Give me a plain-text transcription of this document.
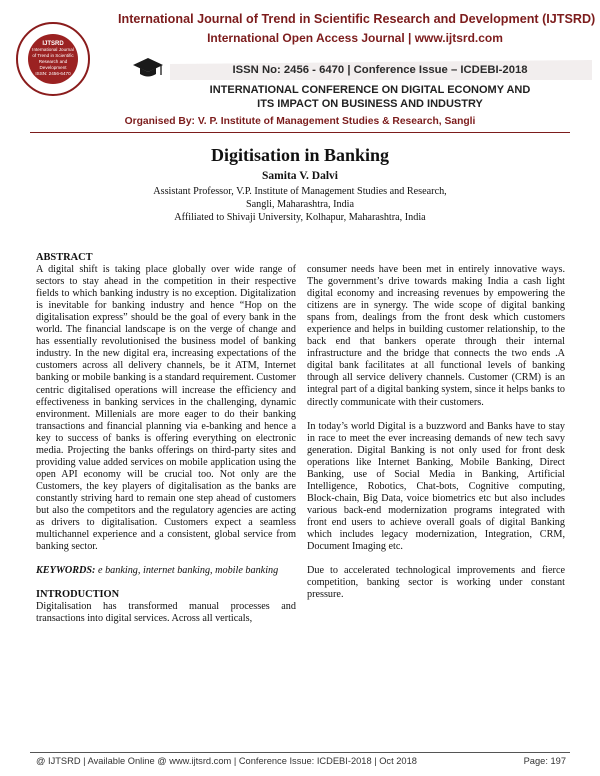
IJTSRD
International Journal
of Trend in Scientific
Research and
Development
ISSN: 2456-6470
International Journal of Trend in Scientific Research and Development (IJTSRD)
International Open Access Journal | www.ijtsrd.com
ISSN No: 2456 - 6470 | Conference Issue – ICDEBI-2018
INTERNATIONAL CONFERENCE ON DIGITAL ECONOMY AND
ITS IMPACT ON BUSINESS AND INDUSTRY
Organised By: V. P. Institute of Management Studies & Research, Sangli
Digitisation in Banking
Samita V. Dalvi
Assistant Professor, V.P. Institute of Management Studies and Research,
Sangli, Maharashtra, India
Affiliated to Shivaji University, Kolhapur, Maharashtra, India

ABSTRACT

A digital shift is taking place globally over wide range of sectors to stay ahead in the competition in their respective fields to which banking industry is no exception. Digitalization is inevitable for banking industry and hence “Hop on the digitalisation express” should be the goal of every bank in the world. The financial landscape is on the verge of change and has essentially revolutionised the business model of banking industry. In the new digital era, increasing expectations of the customers across all delivery channels, be it ATM, Internet banking or mobile banking is a standard requirement. Customer centric digitalised operations will increase the efficiency and effectiveness in banking services in the challenging, dynamic environment. Millenials are more eager to do their banking transactions and financial planning via e-banking and hence a key to success of banks is offering everything on electronic media. Projecting the banks offerings on third-party sites and providing value added services on mobile application using the open API economy will be crucial too. Not only are the Customers, the key players of digitalisation as the banks are constantly striving hard to remain one step ahead of customers but also the competitors and the regulatory agencies are acting as drivers to digitalisation. Customers expect a seamless multichannel experience and a consistent, global service from banking sector.

KEYWORDS: e banking, internet banking, mobile banking

INTRODUCTION

Digitalisation has transformed manual processes and transactions into digital services. Across all verticals,

consumer needs have been met in entirely innovative ways. The government’s drive towards making India a cash light digital economy and increasing revenues by empowering the citizens are in synergy. The wide scope of digital banking spans from, dealings from the front desk which customers experience and helps in building customer relationship, to the back end that bankers operate through their internal infrastructure and the bridge that connects the two ends .A digital bank facilitates at all functional levels of banking through all service delivery channels. Customer (CRM) is an integral part of a digital banking system, since it helps banks to directly communicate with their customers.

In today’s world Digital is a buzzword and Banks have to stay in race to meet the ever increasing demands of new tech savy generation. Digital Banking is not only used for front desk operations like Internet Banking, Mobile Banking, Direct Banking, use of Social Media in Banking, Artificial Intelligence, Robotics, Chat-bots, Cognitive computing, Block-chain, Big Data, voice biometrics etc but also includes various back-end modernization programs integrated with front end users to achieve overall goals of digital Banking which includes legacy modernization, Integration, CRM, Document Imaging etc.

Due to accelerated technological improvements and fierce competition, banking sector is working under constant pressure.

@ IJTSRD | Available Online @ www.ijtsrd.com | Conference Issue: ICDEBI-2018 | Oct 2018	Page: 197
